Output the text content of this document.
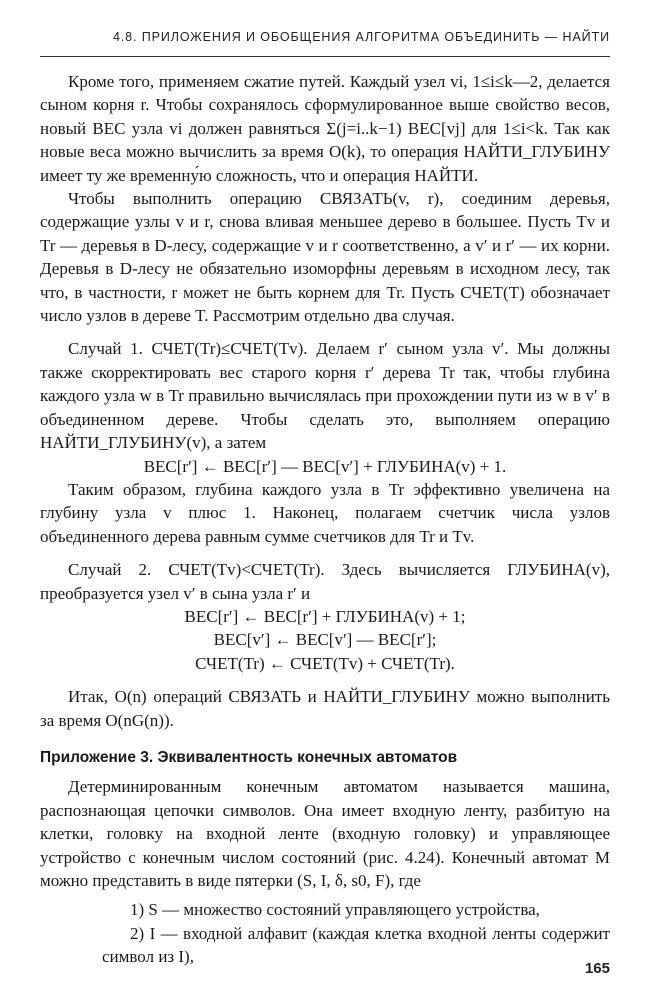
4.8. ПРИЛОЖЕНИЯ И ОБОБЩЕНИЯ АЛГОРИТМА ОБЪЕДИНИТЬ — НАЙТИ

Кроме того, применяем сжатие путей. Каждый узел vi, 1≤i≤k—2, делается сыном корня r. Чтобы сохранялось сформулированное выше свойство весов, новый ВЕС узла vi должен равняться Σ(j=i..k−1) ВЕС[vj] для 1≤i<k. Так как новые веса можно вычислить за время O(k), то операция НАЙТИ_ГЛУБИНУ имеет ту же временну́ю сложность, что и операция НАЙТИ.

Чтобы выполнить операцию СВЯЗАТЬ(v, r), соединим деревья, содержащие узлы v и r, снова вливая меньшее дерево в большее. Пусть Tv и Tr — деревья в D-лесу, содержащие v и r соответственно, а v′ и r′ — их корни. Деревья в D-лесу не обязательно изоморфны деревьям в исходном лесу, так что, в частности, r может не быть корнем для Tr. Пусть СЧЕТ(T) обозначает число узлов в дереве T. Рассмотрим отдельно два случая.

Случай 1. СЧЕТ(Tr)≤СЧЕТ(Tv). Делаем r′ сыном узла v′. Мы должны также скорректировать вес старого корня r′ дерева Tr так, чтобы глубина каждого узла w в Tr правильно вычислялась при прохождении пути из w в v′ в объединенном дереве. Чтобы сделать это, выполняем операцию НАЙТИ_ГЛУБИНУ(v), а затем

ВЕС[r′] ← ВЕС[r′] — ВЕС[v′] + ГЛУБИНА(v) + 1.

Таким образом, глубина каждого узла в Tr эффективно увеличена на глубину узла v плюс 1. Наконец, полагаем счетчик числа узлов объединенного дерева равным сумме счетчиков для Tr и Tv.

Случай 2. СЧЕТ(Tv)<СЧЕТ(Tr). Здесь вычисляется ГЛУБИНА(v), преобразуется узел v′ в сына узла r′ и

ВЕС[r′] ← ВЕС[r′] + ГЛУБИНА(v) + 1;

ВЕС[v′] ← ВЕС[v′] — ВЕС[r′];

СЧЕТ(Tr) ← СЧЕТ(Tv) + СЧЕТ(Tr).

Итак, O(n) операций СВЯЗАТЬ и НАЙТИ_ГЛУБИНУ можно выполнить за время O(nG(n)).

Приложение 3. Эквивалентность конечных автоматов

Детерминированным конечным автоматом называется машина, распознающая цепочки символов. Она имеет входную ленту, разбитую на клетки, головку на входной ленте (входную головку) и управляющее устройство с конечным числом состояний (рис. 4.24). Конечный автомат M можно представить в виде пятерки (S, I, δ, s0, F), где

1) S — множество состояний управляющего устройства,

2) I — входной алфавит (каждая клетка входной ленты содержит символ из I),

165
